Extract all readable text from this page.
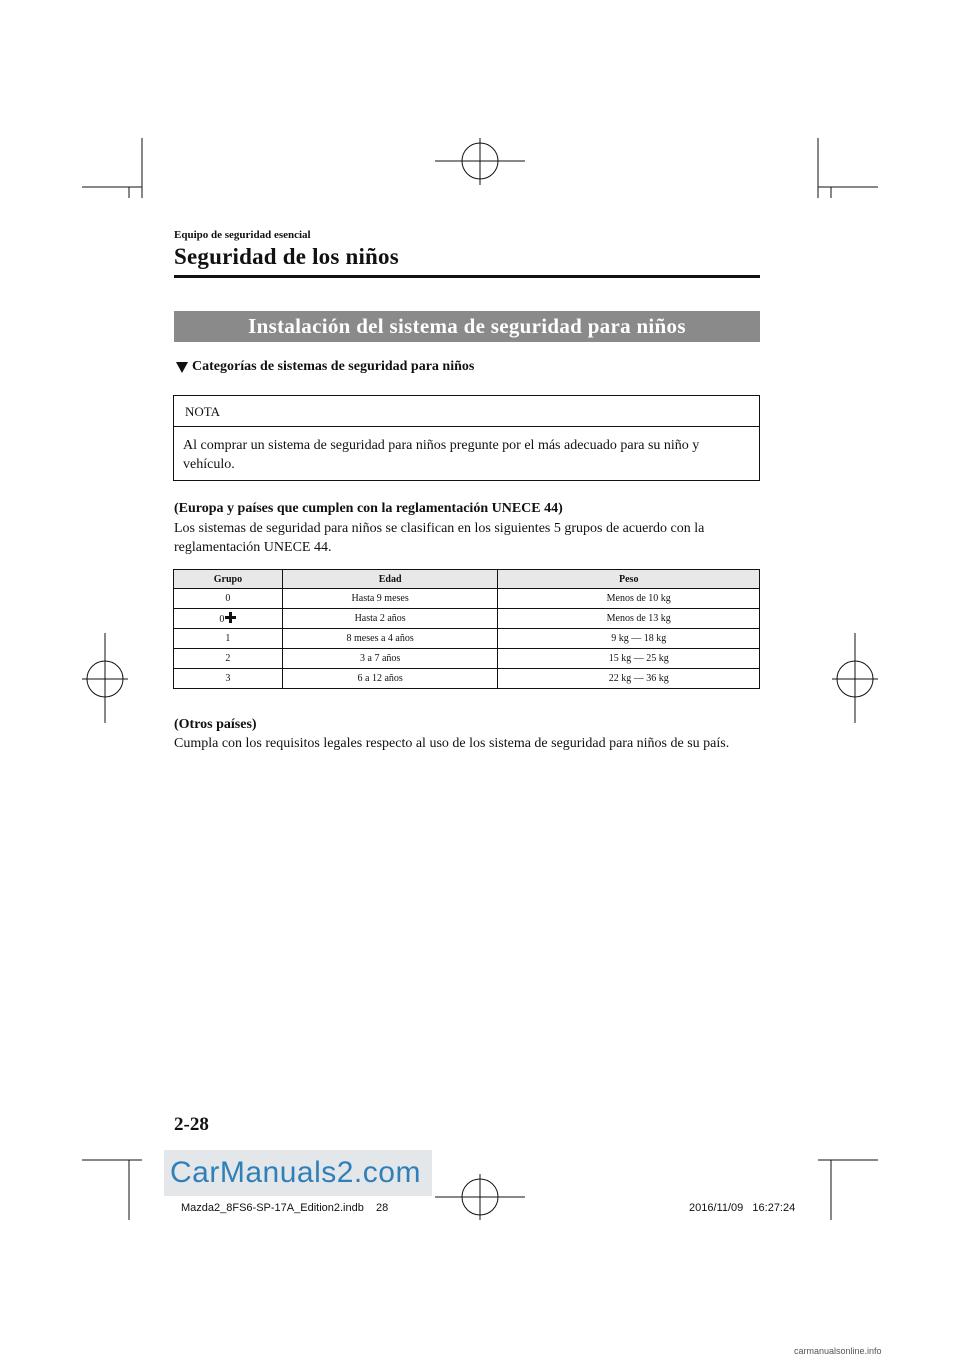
Equipo de seguridad esencial
Seguridad de los niños
Instalación del sistema de seguridad para niños
Categorías de sistemas de seguridad para niños
NOTA
Al comprar un sistema de seguridad para niños pregunte por el más adecuado para su niño y vehículo.
(Europa y países que cumplen con la reglamentación UNECE 44)
Los sistemas de seguridad para niños se clasifican en los siguientes 5 grupos de acuerdo con la reglamentación UNECE 44.
Grupo	Edad	Peso
0	Hasta 9 meses	Menos de 10 kg
0	Hasta 2 años	Menos de 13 kg
1	8 meses a 4 años	9 kg — 18 kg
2	3 a 7 años	15 kg — 25 kg
3	6 a 12 años	22 kg — 36 kg
(Otros países)
Cumpla con los requisitos legales respecto al uso de los sistema de seguridad para niños de su país.
2-28
CarManuals2.com
Mazda2_8FS6-SP-17A_Edition2.indb    28	2016/11/09   16:27:24
carmanualsonline.info
